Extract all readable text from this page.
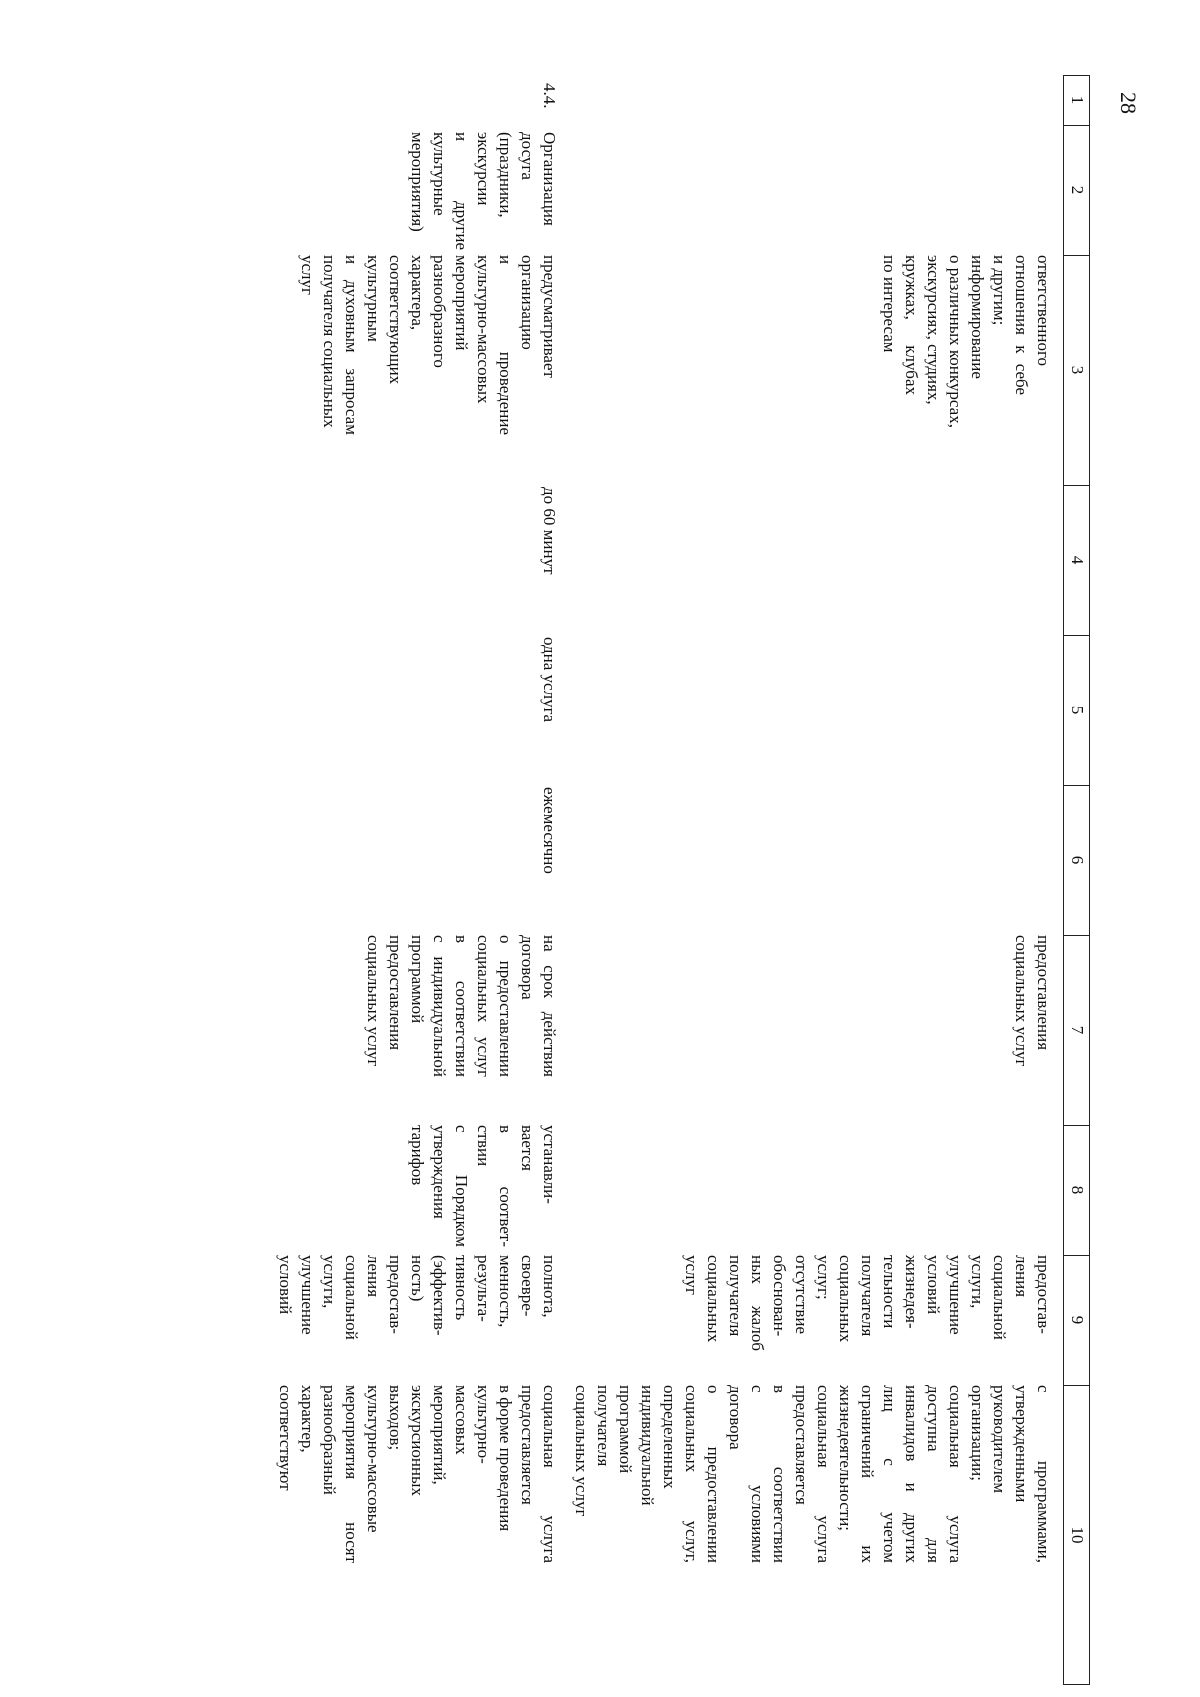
28
1
2
3
4
5
6
7
8
9
10
ответственного
отношения к себе
и другим;
информирование
о различных конкурсах,
экскурсиях, студиях,
кружках, клубах
по интересам
предоставления
социальных услуг
предостав-
ления
социальной
услуги,
улучшение
условий
жизнедея-
тельности
получателя
социальных
услуг;
отсутствие
обоснован-
ных жалоб
получателя
социальных
услуг
с программами,
утвержденными
руководителем
организации;
социальная услуга
доступна для
инвалидов и других
лиц с учетом
ограничений их
жизнедеятельности;
социальная услуга
предоставляется
в соответствии
с условиями
договора
о предоставлении
социальных услуг,
определенных
индивидуальной
программой
получателя
социальных услуг
4.4.
Организация
досуга
(праздники,
экскурсии
и другие
культурные
мероприятия)
предусматривает
организацию
и проведение
культурно-массовых
мероприятий
разнообразного
характера,
соответствующих
культурным
и духовным запросам
получателя социальных
услуг
до 60 минут
одна услуга
ежемесячно
на срок действия
договора
о предоставлении
социальных услуг
в соответствии
с индивидуальной
программой
предоставления
социальных услуг
устанавли-
вается
в соответ-
ствии
с Порядком
утверждения
тарифов
полнота,
своевре-
менность,
результа-
тивность
(эффектив-
ность)
предостав-
ления
социальной
услуги,
улучшение
условий
социальная услуга
предоставляется
в форме проведения
культурно-
массовых
мероприятий,
экскурсионных
выходов;
культурно-массовые
мероприятия носят
разнообразный
характер,
соответствуют
